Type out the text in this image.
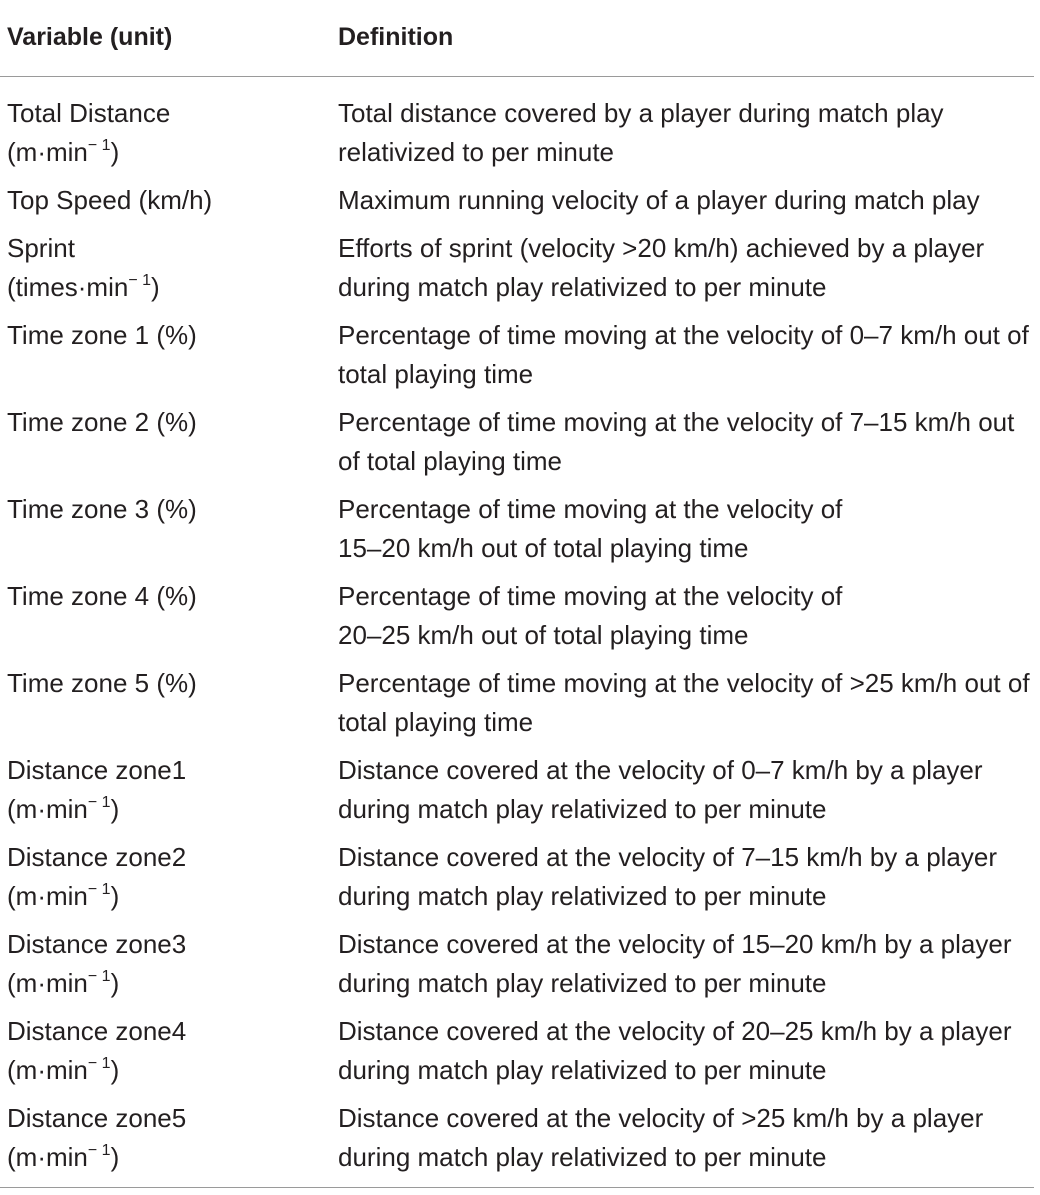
Variable (unit)	Definition
Total Distance
$(m\cdot\min^{- 1})$	Total distance covered by a player during match play relativized to per minute
Top Speed (km/h)	Maximum running velocity of a player during match play
Sprint
$(times\cdot\min^{- 1})$	Efforts of sprint (velocity >20 km/h) achieved by a player during match play relativized to per minute
Time zone 1 (%)	Percentage of time moving at the velocity of 0–7 km/h out of total playing time
Time zone 2 (%)	Percentage of time moving at the velocity of 7–15 km/h out of total playing time
Time zone 3 (%)	Percentage of time moving at the velocity of
15–20 km/h out of total playing time
Time zone 4 (%)	Percentage of time moving at the velocity of
20–25 km/h out of total playing time
Time zone 5 (%)	Percentage of time moving at the velocity of >25 km/h out of total playing time
Distance zone1
$(m\cdot\min^{- 1})$	Distance covered at the velocity of 0–7 km/h by a player during match play relativized to per minute
Distance zone2
$(m\cdot\min^{- 1})$	Distance covered at the velocity of 7–15 km/h by a player during match play relativized to per minute
Distance zone3
$(m\cdot\min^{- 1})$	Distance covered at the velocity of 15–20 km/h by a player during match play relativized to per minute
Distance zone4
$(m\cdot\min^{- 1})$	Distance covered at the velocity of 20–25 km/h by a player during match play relativized to per minute
Distance zone5
$(m\cdot\min^{- 1})$	Distance covered at the velocity of >25 km/h by a player during match play relativized to per minute
